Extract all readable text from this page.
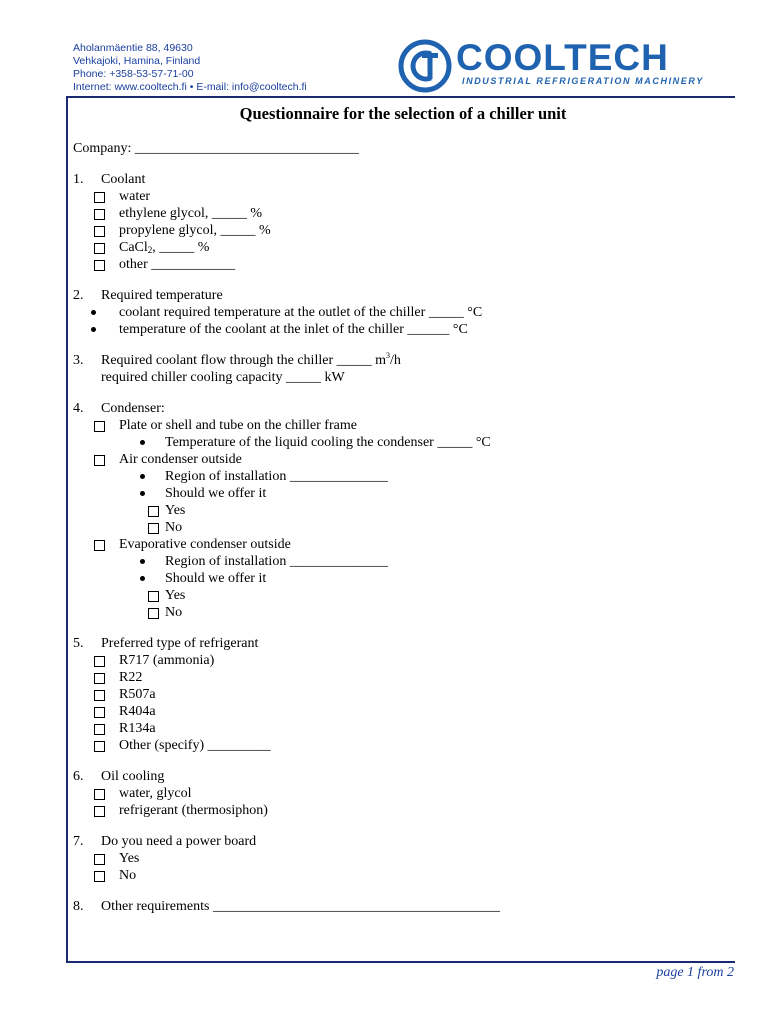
Aholanmäentie 88, 49630
Vehkajoki, Hamina, Finland
Phone: +358-53-57-71-00
Internet: www.cooltech.fi • E-mail: info@cooltech.fi
COOLTECH
INDUSTRIAL REFRIGERATION MACHINERY
Questionnaire for the selection of a chiller unit
Company: ________________________________
1. Coolant
water
ethylene glycol, _____ %
propylene glycol, _____ %
CaCl$_2$, _____ %
other ____________
2. Required temperature
coolant required temperature at the outlet of the chiller _____ °C
temperature of the coolant at the inlet of the chiller ______ °C
3. Required coolant flow through the chiller _____ $m^3/h$
required chiller cooling capacity _____ kW
4. Condenser:
Plate or shell and tube on the chiller frame
Temperature of the liquid cooling the condenser _____ °C
Air condenser outside
Region of installation ______________
Should we offer it
Yes
No
Evaporative condenser outside
Region of installation ______________
Should we offer it
Yes
No
5. Preferred type of refrigerant
R717 (ammonia)
R22
R507a
R404a
R134a
Other (specify) _________
6. Oil cooling
water, glycol
refrigerant (thermosiphon)
7. Do you need a power board
Yes
No
8. Other requirements _________________________________________
page 1 from 2
